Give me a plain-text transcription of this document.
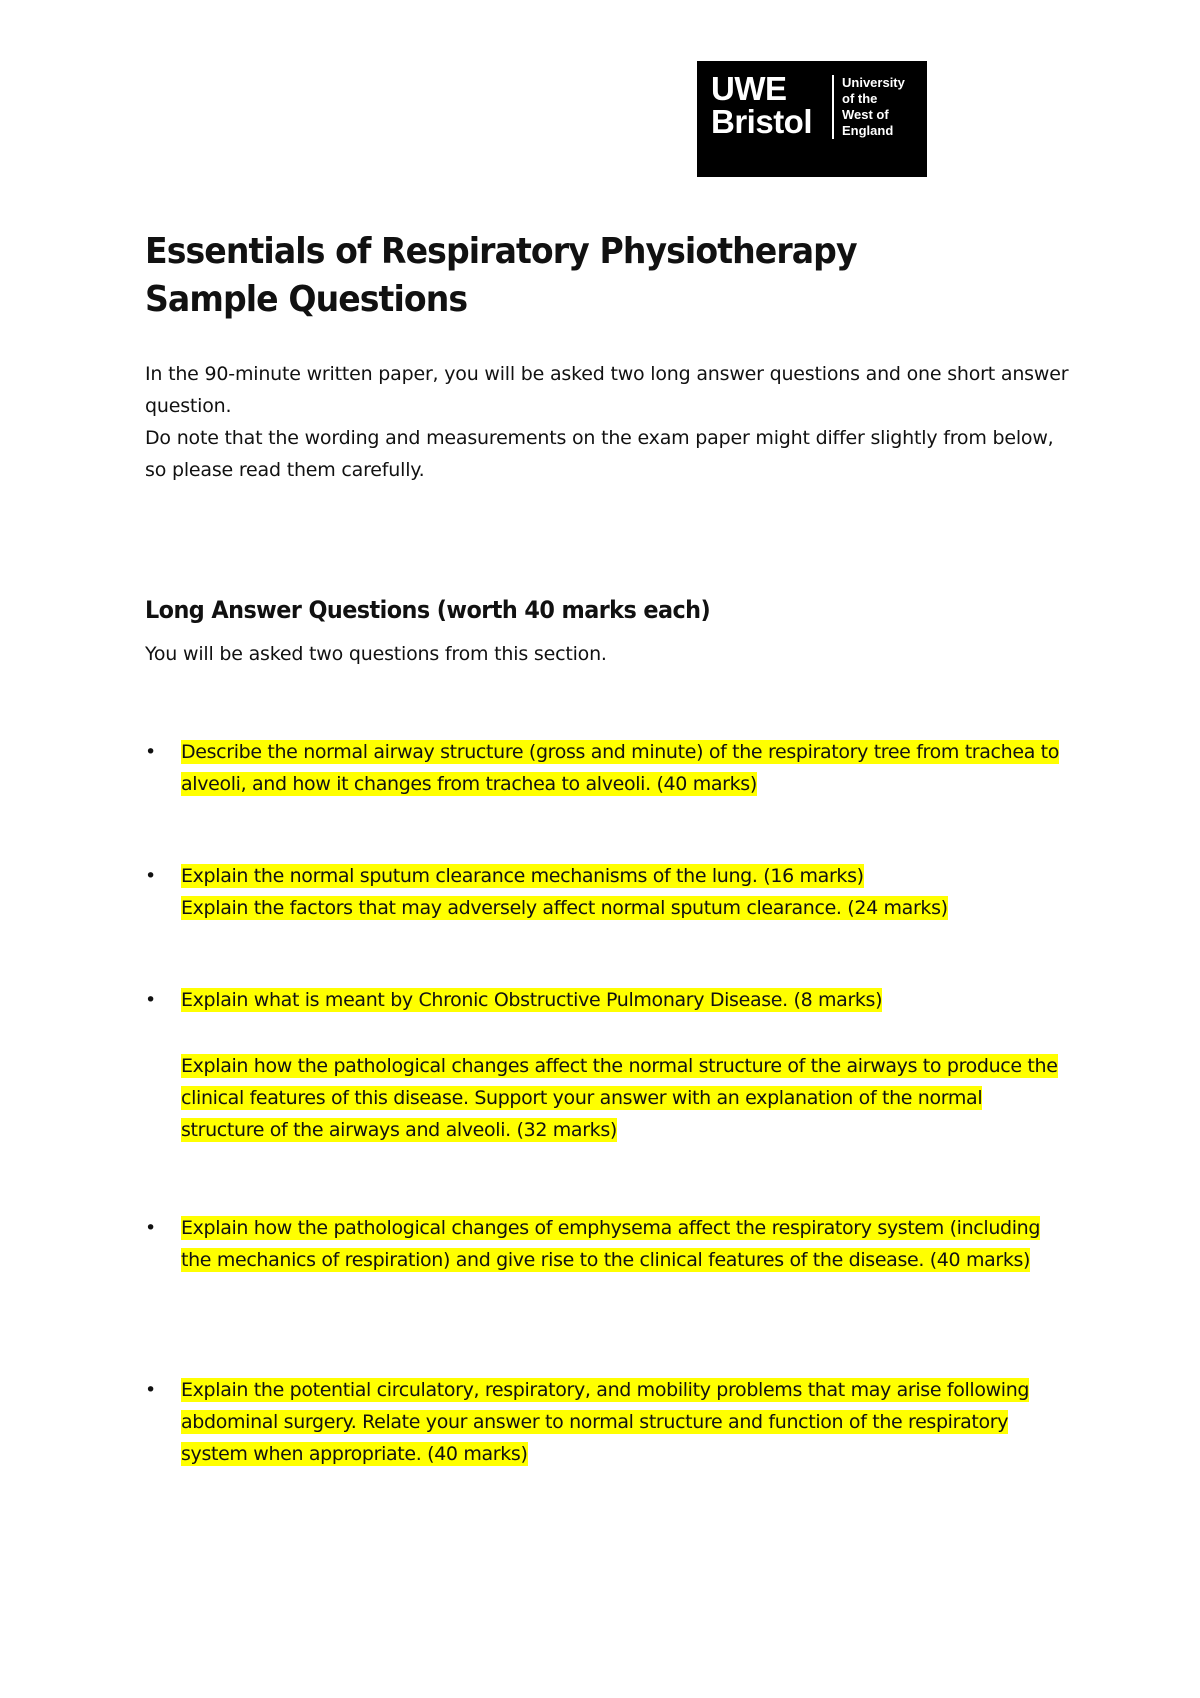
UWE
Bristol
University
of the
West of
England
Essentials of Respiratory Physiotherapy Sample Questions

In the 90-minute written paper, you will be asked two long answer questions and one short answer question.

Do note that the wording and measurements on the exam paper might differ slightly from below, so please read them carefully.

Long Answer Questions (worth 40 marks each)

You will be asked two questions from this section.

• Describe the normal airway structure (gross and minute) of the respiratory tree from trachea to alveoli, and how it changes from trachea to alveoli. (40 marks)

• Explain the normal sputum clearance mechanisms of the lung. (16 marks)

Explain the factors that may adversely affect normal sputum clearance. (24 marks)

• Explain what is meant by Chronic Obstructive Pulmonary Disease. (8 marks)

Explain how the pathological changes affect the normal structure of the airways to produce the clinical features of this disease. Support your answer with an explanation of the normal structure of the airways and alveoli. (32 marks)

• Explain how the pathological changes of emphysema affect the respiratory system (including the mechanics of respiration) and give rise to the clinical features of the disease. (40 marks)

• Explain the potential circulatory, respiratory, and mobility problems that may arise following abdominal surgery. Relate your answer to normal structure and function of the respiratory system when appropriate. (40 marks)
